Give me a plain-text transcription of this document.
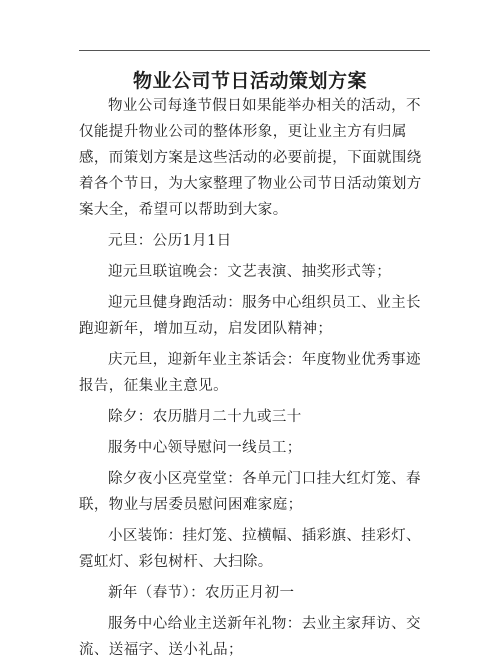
物业公司节日活动策划方案

物业公司每逢节假日如果能举办相关的活动，不仅能提升物业公司的整体形象，更让业主方有归属感，而策划方案是这些活动的必要前提，下面就围绕着各个节日，为大家整理了物业公司节日活动策划方案大全，希望可以帮助到大家。

元旦：公历1月1日

迎元旦联谊晚会：文艺表演、抽奖形式等；

迎元旦健身跑活动：服务中心组织员工、业主长跑迎新年，增加互动，启发团队精神；

庆元旦，迎新年业主茶话会：年度物业优秀事迹报告，征集业主意见。

除夕：农历腊月二十九或三十

服务中心领导慰问一线员工；

除夕夜小区亮堂堂：各单元门口挂大红灯笼、春联，物业与居委员慰问困难家庭；

小区装饰：挂灯笼、拉横幅、插彩旗、挂彩灯、霓虹灯、彩包树杆、大扫除。

新年（春节）：农历正月初一

服务中心给业主送新年礼物：去业主家拜访、交流、送福字、送小礼品；
